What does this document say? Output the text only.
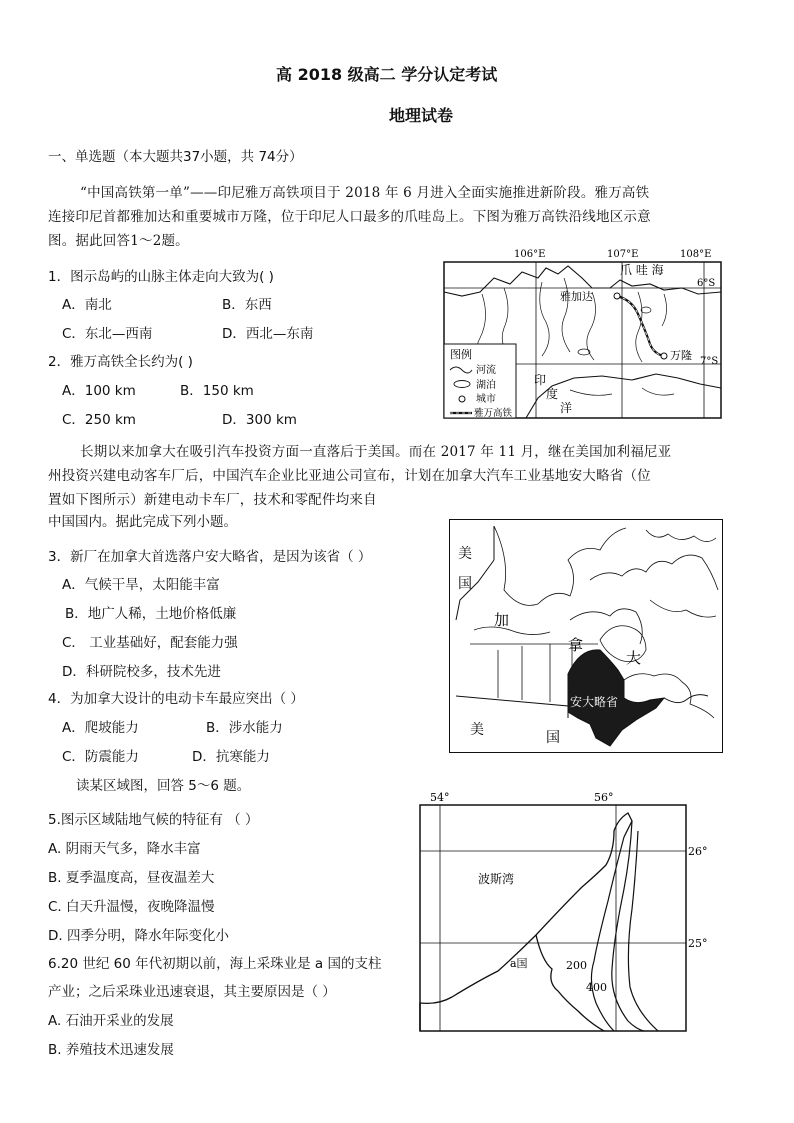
高 2018 级高二 学分认定考试
地理试卷
一、单选题（本大题共37小题，共 74分）
“中国高铁第一单”——印尼雅万高铁项目于 2018 年 6 月进入全面实施推进新阶段。雅万高铁
连接印尼首都雅加达和重要城市万隆，位于印尼人口最多的爪哇岛上。下图为雅万高铁沿线地区示意
图。据此回答1～2题。
1．图示岛屿的山脉主体走向大致为( )
A．南北	B．东西
C．东北—西南	D．西北—东南
2．雅万高铁全长约为( )
A．100 km	B．150 km
C．250 km	D．300 km
106°E	107°E	108°E
6°S
7°S
爪 哇 海
雅加达
万隆
印
度
洋
图例
河流
湖泊
城市
雅万高铁
长期以来加拿大在吸引汽车投资方面一直落后于美国。而在 2017 年 11 月，继在美国加利福尼亚
州投资兴建电动客车厂后，中国汽车企业比亚迪公司宣布，计划在加拿大汽车工业基地安大略省（位
置如下图所示）新建电动卡车厂，技术和零配件均来自
中国国内。据此完成下列小题。
3．新厂在加拿大首选落户安大略省，是因为该省（ ）
A．气候干旱，太阳能丰富
B．地广人稀，土地价格低廉
C． 工业基础好，配套能力强
D．科研院校多，技术先进
4．为加拿大设计的电动卡车最应突出（ ）
A．爬坡能力	B．涉水能力
C．防震能力	D．抗寒能力
美
国
加
拿
大
安大略省
美	国
读某区域图，回答 5～6 题。
5.图示区域陆地气候的特征有 （ ）
A. 阴雨天气多，降水丰富
B. 夏季温度高，昼夜温差大
C. 白天升温慢，夜晚降温慢
D. 四季分明，降水年际变化小
6.20 世纪 60 年代初期以前，海上采珠业是 a 国的支柱
产业；之后采珠业迅速衰退，其主要原因是（ ）
A. 石油开采业的发展
B. 养殖技术迅速发展
54°	56°
26°
25°
波斯湾
a国	200
400
